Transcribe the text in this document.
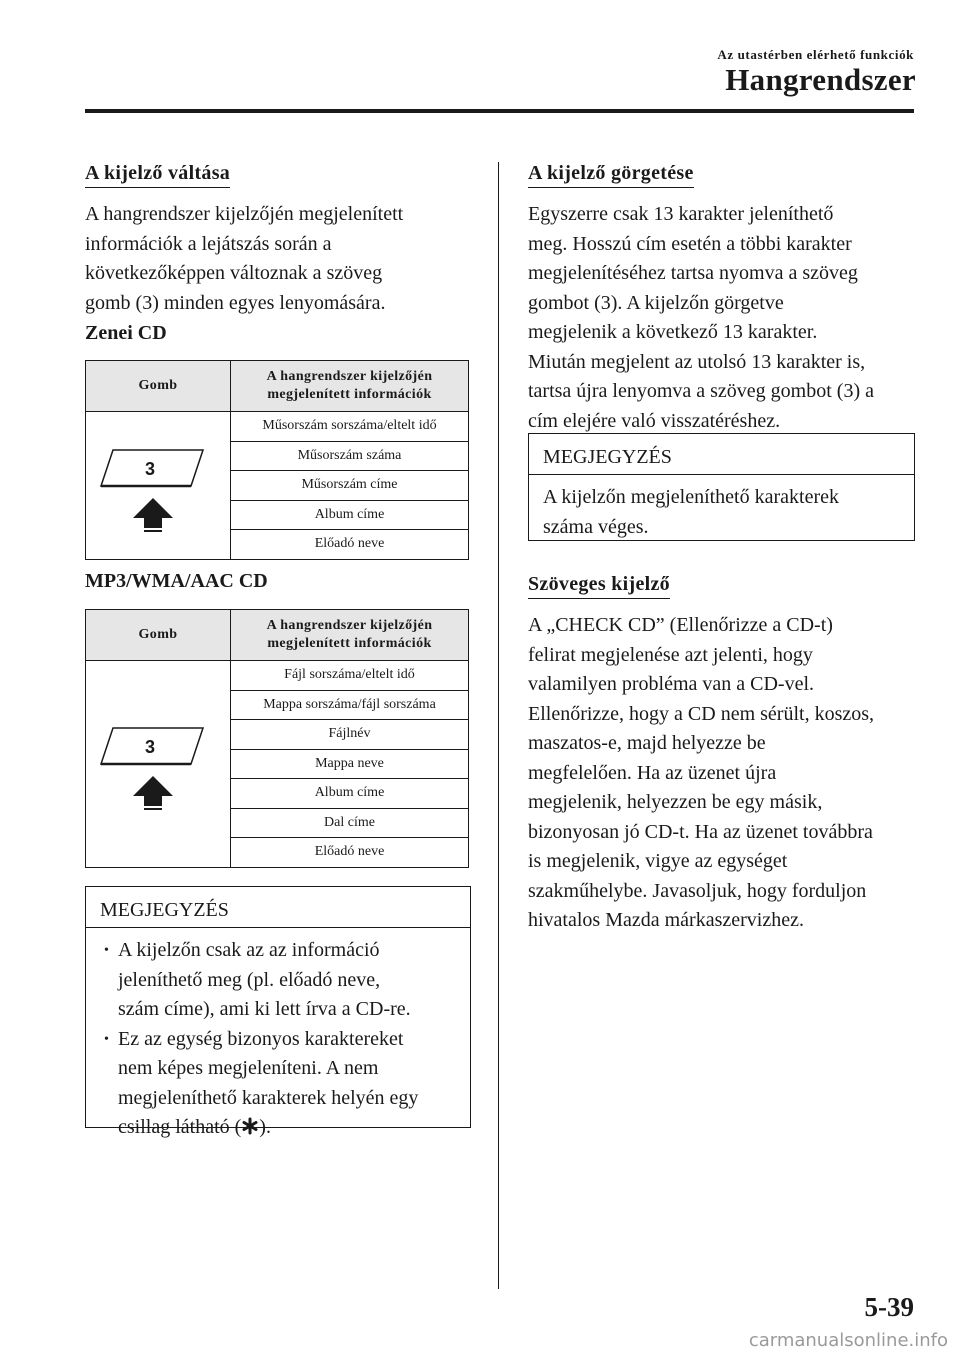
Az utastérben elérhető funkciók
Hangrendszer
A kijelző váltása
A hangrendszer kijelzőjén megjelenített
információk a lejátszás során a
következőképpen változnak a szöveg
gomb (3) minden egyes lenyomására.
Zenei CD
Gomb	A hangrendszer kijelzőjén
megjelenített információk

3	Műsorszám sorszáma/eltelt idő
	Műsorszám száma
	Műsorszám címe
	Album címe
	Előadó neve
MP3/WMA/AAC CD
Gomb	A hangrendszer kijelzőjén
megjelenített információk

3	Fájl sorszáma/eltelt idő
	Mappa sorszáma/fájl sorszáma
	Fájlnév
	Mappa neve
	Album címe
	Dal címe
	Előadó neve
MEGJEGYZÉS
• A kijelzőn csak az az információ
jeleníthető meg (pl. előadó neve,
szám címe), ami ki lett írva a CD-re.
• Ez az egység bizonyos karaktereket
nem képes megjeleníteni. A nem
megjeleníthető karakterek helyén egy
csillag látható ( ).
A kijelző görgetése
Egyszerre csak 13 karakter jeleníthető
meg. Hosszú cím esetén a többi karakter
megjelenítéséhez tartsa nyomva a szöveg
gombot (3). A kijelzőn görgetve
megjelenik a következő 13 karakter.
Miután megjelent az utolsó 13 karakter is,
tartsa újra lenyomva a szöveg gombot (3) a
cím elejére való visszatéréshez.
MEGJEGYZÉS
A kijelzőn megjeleníthető karakterek
száma véges.
Szöveges kijelző
A „CHECK CD” (Ellenőrizze a CD-t)
felirat megjelenése azt jelenti, hogy
valamilyen probléma van a CD-vel.
Ellenőrizze, hogy a CD nem sérült, koszos,
maszatos-e, majd helyezze be
megfelelően. Ha az üzenet újra
megjelenik, helyezzen be egy másik,
bizonyosan jó CD-t. Ha az üzenet továbbra
is megjelenik, vigye az egységet
szakműhelybe. Javasoljuk, hogy forduljon
hivatalos Mazda márkaszervizhez.
5-39
carmanualsonline.info
